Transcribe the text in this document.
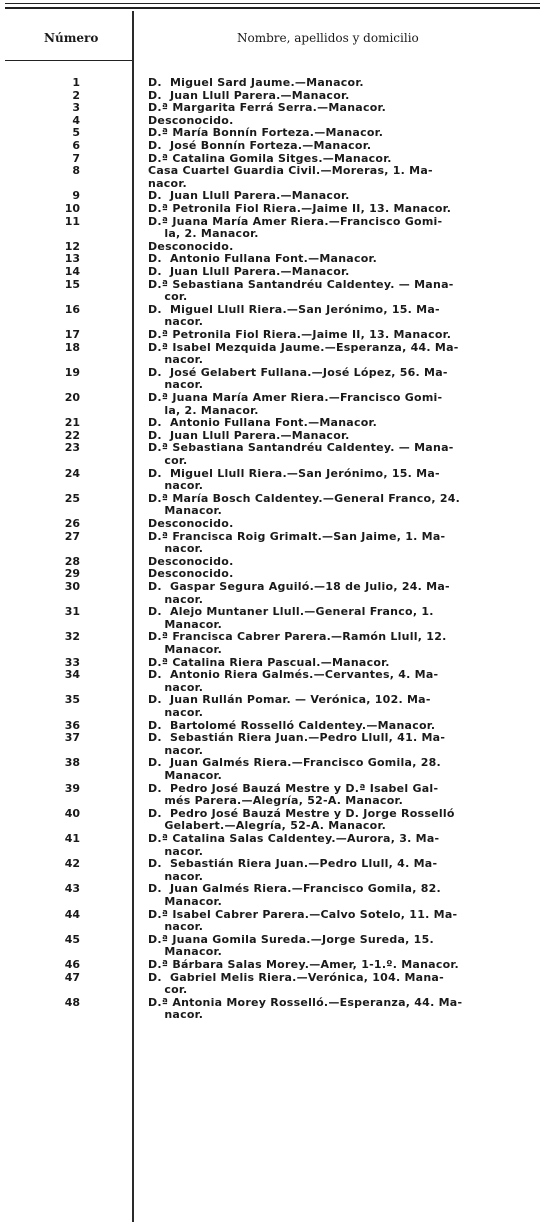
Número	Nombre, apellidos y domicilio
1	D.  Miguel Sard Jaume.—Manacor.
2	D.  Juan Llull Parera.—Manacor.
3	D.ª Margarita Ferrá Serra.—Manacor.
4	Desconocido.
5	D.ª María Bonnín Forteza.—Manacor.
6	D.  José Bonnín Forteza.—Manacor.
7	D.ª Catalina Gomila Sitges.—Manacor.
8	Casa Cuartel Guardia Civil.—Moreras, 1. Ma-
nacor.
9	D.  Juan Llull Parera.—Manacor.
10	D.ª Petronila Fiol Riera.—Jaime II, 13. Manacor.
11	D.ª Juana María Amer Riera.—Francisco Gomi-
la, 2. Manacor.
12	Desconocido.
13	D.  Antonio Fullana Font.—Manacor.
14	D.  Juan Llull Parera.—Manacor.
15	D.ª Sebastiana Santandréu Caldentey. — Mana-
cor.
16	D.  Miguel Llull Riera.—San Jerónimo, 15. Ma-
nacor.
17	D.ª Petronila Fiol Riera.—Jaime II, 13. Manacor.
18	D.ª Isabel Mezquida Jaume.—Esperanza, 44. Ma-
nacor.
19	D.  José Gelabert Fullana.—José López, 56. Ma-
nacor.
20	D.ª Juana María Amer Riera.—Francisco Gomi-
la, 2. Manacor.
21	D.  Antonio Fullana Font.—Manacor.
22	D.  Juan Llull Parera.—Manacor.
23	D.ª Sebastiana Santandréu Caldentey. — Mana-
cor.
24	D.  Miguel Llull Riera.—San Jerónimo, 15. Ma-
nacor.
25	D.ª María Bosch Caldentey.—General Franco, 24.
Manacor.
26	Desconocido.
27	D.ª Francisca Roig Grimalt.—San Jaime, 1. Ma-
nacor.
28	Desconocido.
29	Desconocido.
30	D.  Gaspar Segura Aguiló.—18 de Julio, 24. Ma-
nacor.
31	D.  Alejo Muntaner Llull.—General Franco, 1.
Manacor.
32	D.ª Francisca Cabrer Parera.—Ramón Llull, 12.
Manacor.
33	D.ª Catalina Riera Pascual.—Manacor.
34	D.  Antonio Riera Galmés.—Cervantes, 4. Ma-
nacor.
35	D.  Juan Rullán Pomar. — Verónica, 102. Ma-
nacor.
36	D.  Bartolomé Rosselló Caldentey.—Manacor.
37	D.  Sebastián Riera Juan.—Pedro Llull, 41. Ma-
nacor.
38	D.  Juan Galmés Riera.—Francisco Gomila, 28.
Manacor.
39	D.  Pedro José Bauzá Mestre y D.ª Isabel Gal-
més Parera.—Alegría, 52-A. Manacor.
40	D.  Pedro José Bauzá Mestre y D. Jorge Rosselló
Gelabert.—Alegría, 52-A. Manacor.
41	D.ª Catalina Salas Caldentey.—Aurora, 3. Ma-
nacor.
42	D.  Sebastián Riera Juan.—Pedro Llull, 4. Ma-
nacor.
43	D.  Juan Galmés Riera.—Francisco Gomila, 82.
Manacor.
44	D.ª Isabel Cabrer Parera.—Calvo Sotelo, 11. Ma-
nacor.
45	D.ª Juana Gomila Sureda.—Jorge Sureda, 15.
Manacor.
46	D.ª Bárbara Salas Morey.—Amer, 1-1.º. Manacor.
47	D.  Gabriel Melis Riera.—Verónica, 104. Mana-
cor.
48	D.ª Antonia Morey Rosselló.—Esperanza, 44. Ma-
nacor.
